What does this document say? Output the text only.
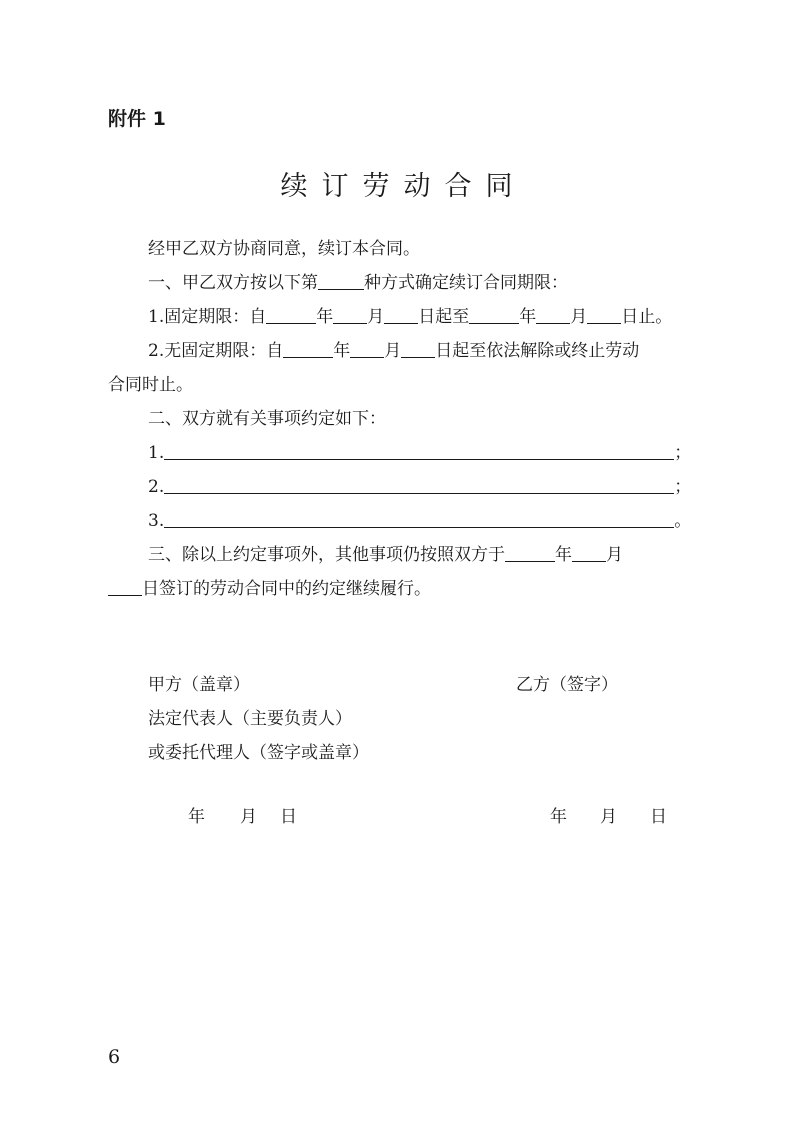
附件 1
续订劳动合同
经甲乙双方协商同意，续订本合同。
一、甲乙双方按以下第	种方式确定续订合同期限：
1.固定期限：自	年 月 日起至	年 月 日止。
2.无固定期限：自	年 月 日起至依法解除或终止劳动
合同时止。
二、双方就有关事项约定如下：
1.	；
2.	；
3.	。
三、除以上约定事项外，其他事项仍按照双方于	年 月
日签订的劳动合同中的约定继续履行。
甲方（盖章）	乙方（签字）
法定代表人（主要负责人）
或委托代理人（签字或盖章）
年 月 日	年 月 日
6
